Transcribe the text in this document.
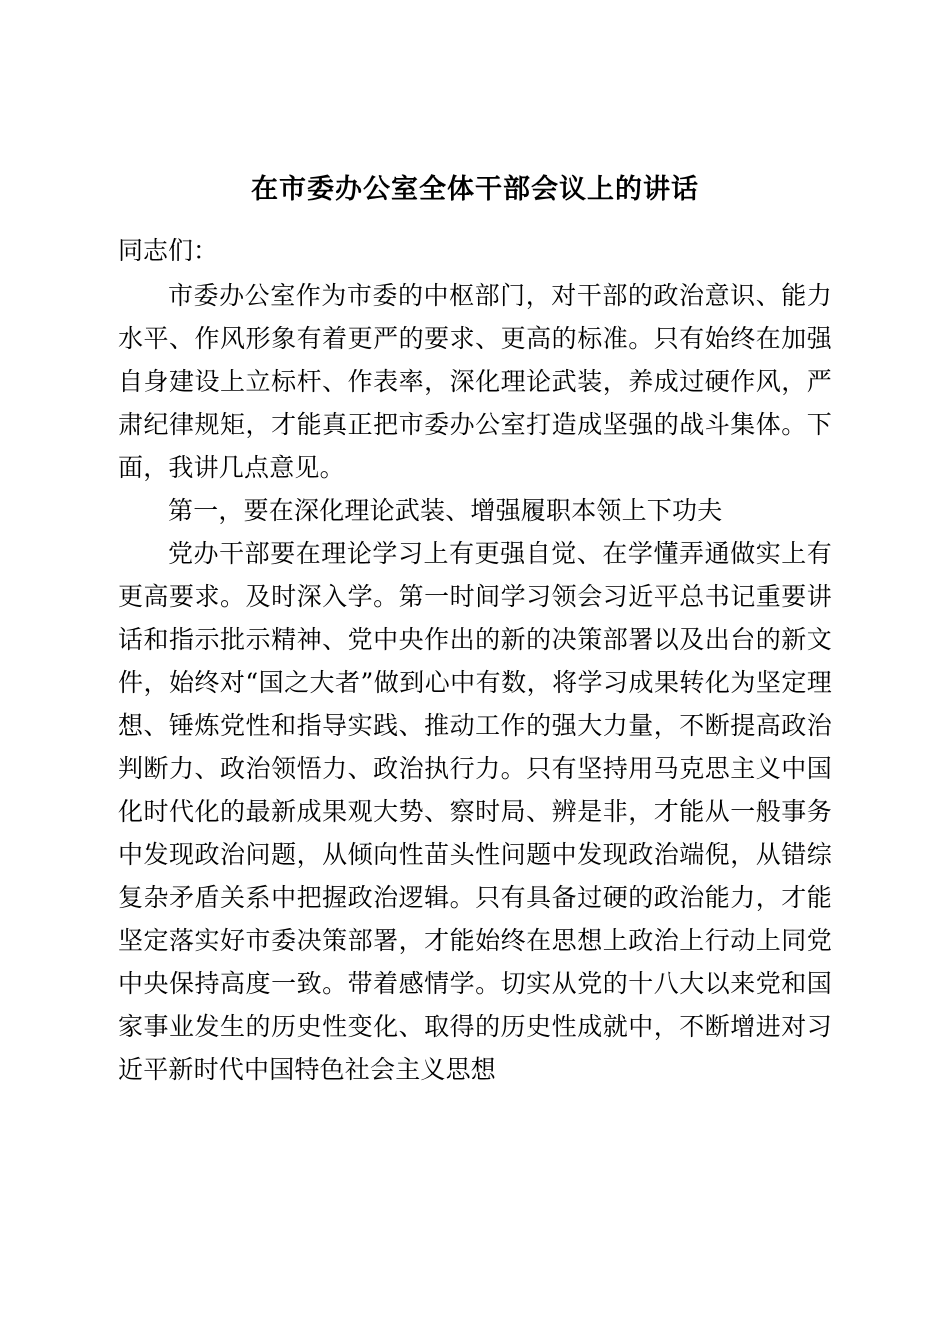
在市委办公室全体干部会议上的讲话

同志们：

市委办公室作为市委的中枢部门，对干部的政治意识、能力水平、作风形象有着更严的要求、更高的标准。只有始终在加强自身建设上立标杆、作表率，深化理论武装，养成过硬作风，严肃纪律规矩，才能真正把市委办公室打造成坚强的战斗集体。下面，我讲几点意见。

第一，要在深化理论武装、增强履职本领上下功夫

党办干部要在理论学习上有更强自觉、在学懂弄通做实上有更高要求。及时深入学。第一时间学习领会习近平总书记重要讲话和指示批示精神、党中央作出的新的决策部署以及出台的新文件，始终对“国之大者”做到心中有数，将学习成果转化为坚定理想、锤炼党性和指导实践、推动工作的强大力量，不断提高政治判断力、政治领悟力、政治执行力。只有坚持用马克思主义中国化时代化的最新成果观大势、察时局、辨是非，才能从一般事务中发现政治问题，从倾向性苗头性问题中发现政治端倪，从错综复杂矛盾关系中把握政治逻辑。只有具备过硬的政治能力，才能坚定落实好市委决策部署，才能始终在思想上政治上行动上同党中央保持高度一致。带着感情学。切实从党的十八大以来党和国家事业发生的历史性变化、取得的历史性成就中，不断增进对习近平新时代中国特色社会主义思想
